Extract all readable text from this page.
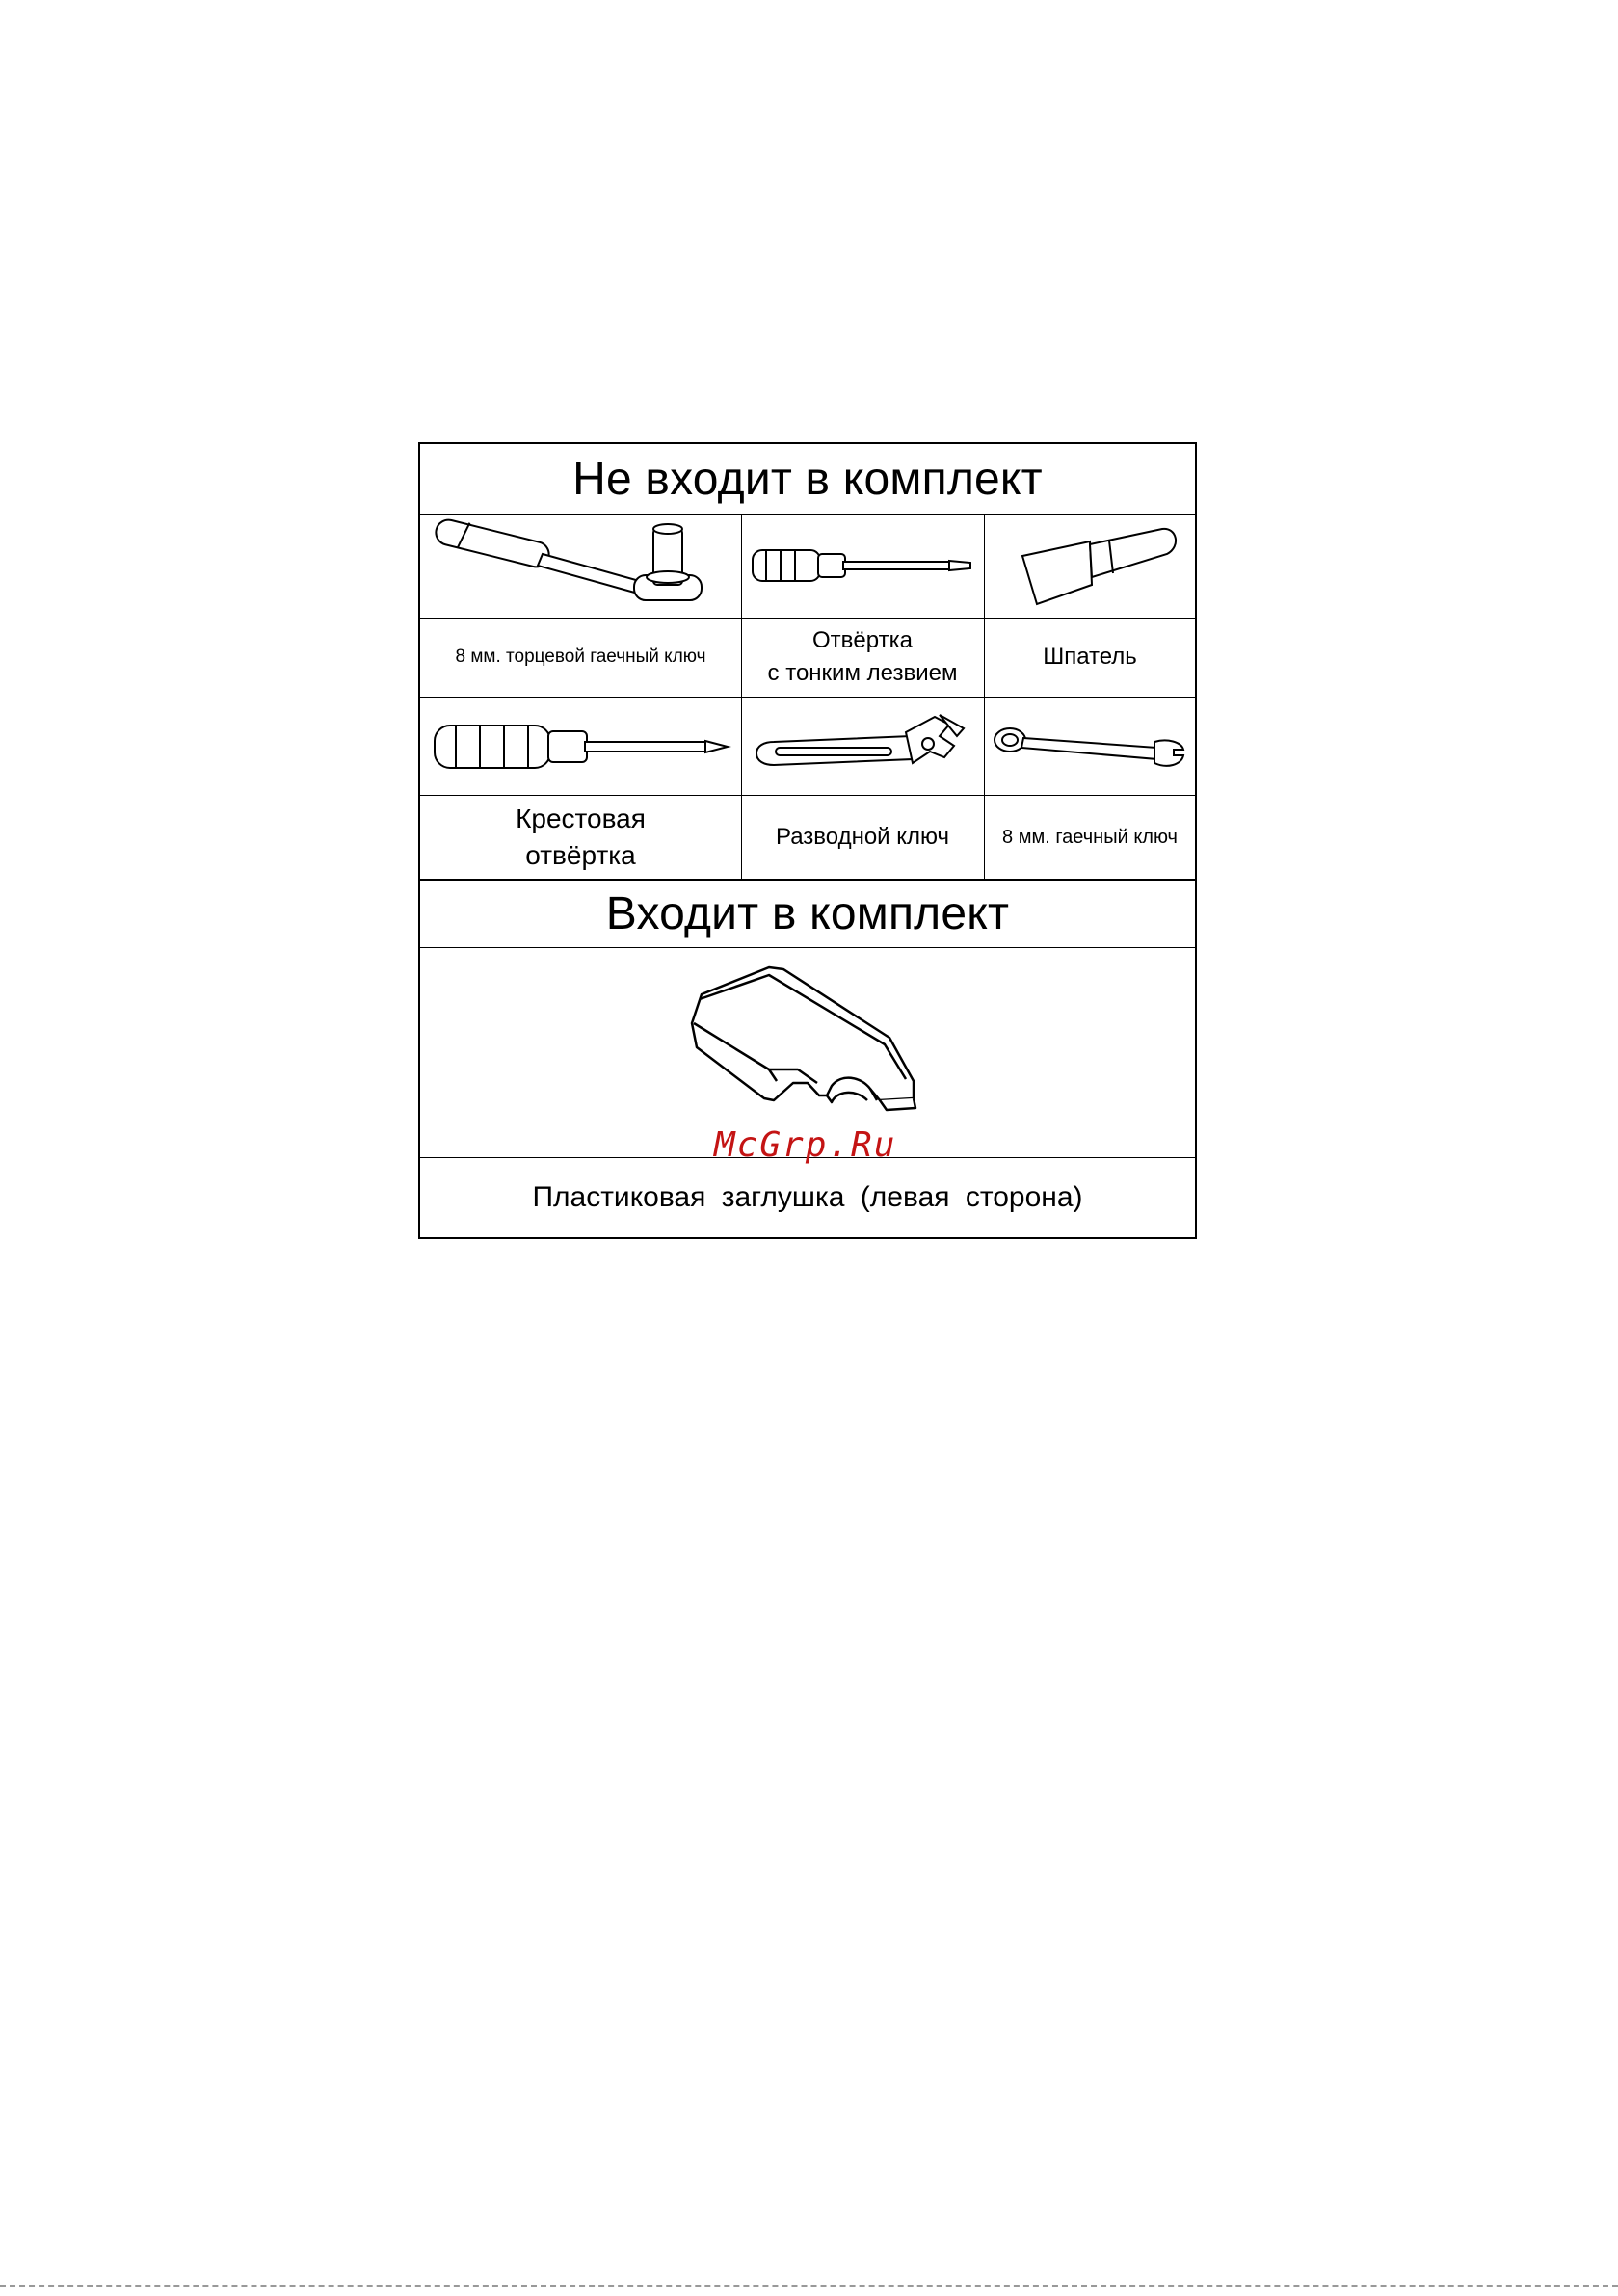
Не входит в комплект
8 мм. торцевой гаечный ключ
Отвёртка
с тонким лезвием
Шпатель
Крестовая
отвёртка
Разводной ключ	8 мм. гаечный ключ
Входит в комплект
Пластиковая заглушка (левая сторона)
McGrp.Ru
